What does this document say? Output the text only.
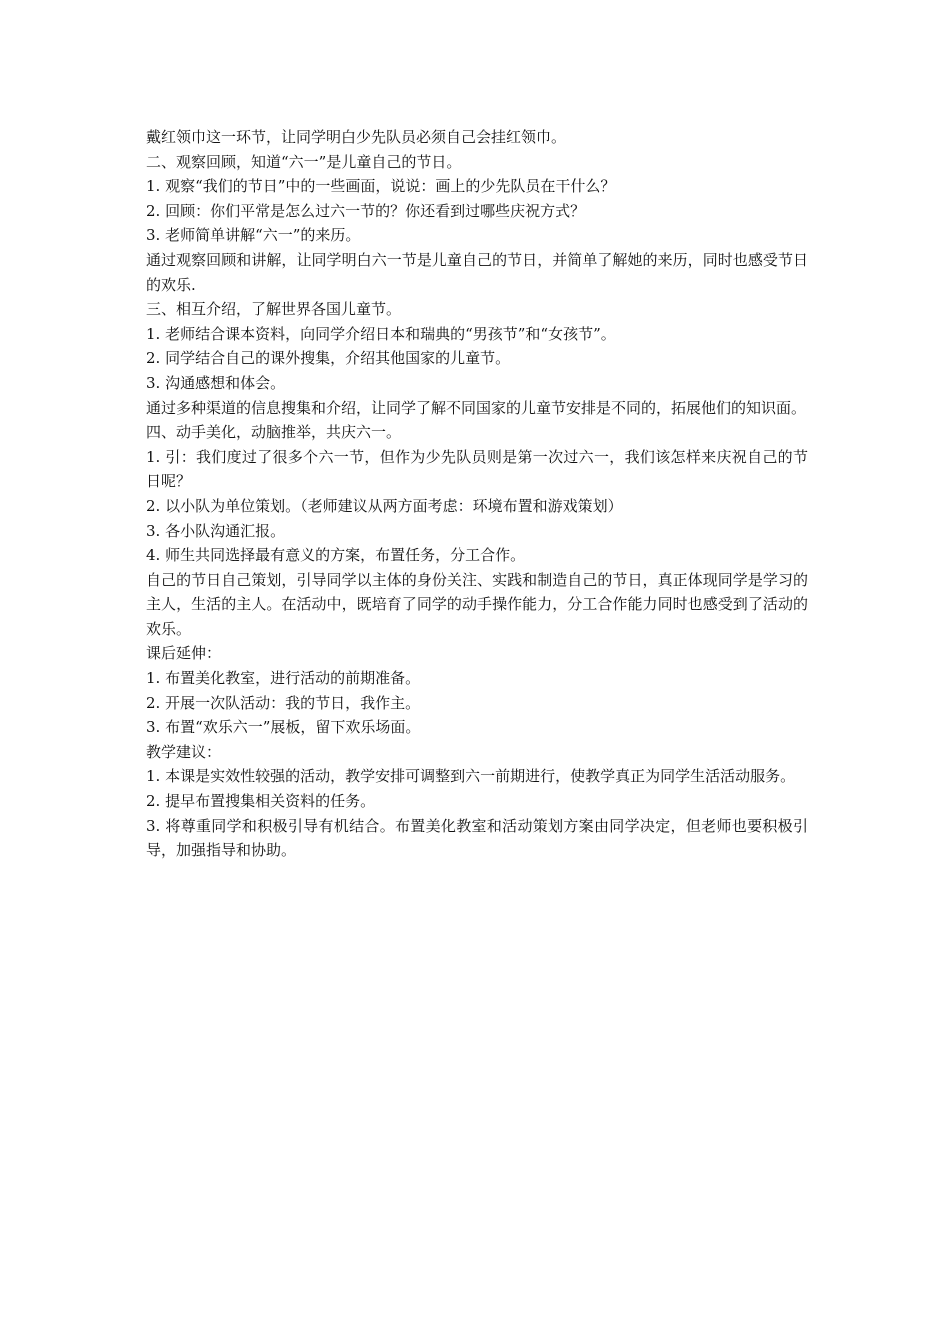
戴红领巾这一环节，让同学明白少先队员必须自己会挂红领巾。

二、观察回顾，知道“六一”是儿童自己的节日。

1. 观察“我们的节日”中的一些画面，说说：画上的少先队员在干什么？

2. 回顾：你们平常是怎么过六一节的？你还看到过哪些庆祝方式？

3. 老师简单讲解“六一”的来历。

通过观察回顾和讲解，让同学明白六一节是儿童自己的节日，并简单了解她的来历，同时也感受节日的欢乐.

三、相互介绍，了解世界各国儿童节。

1. 老师结合课本资料，向同学介绍日本和瑞典的“男孩节”和“女孩节”。

2. 同学结合自己的课外搜集，介绍其他国家的儿童节。

3. 沟通感想和体会。

通过多种渠道的信息搜集和介绍，让同学了解不同国家的儿童节安排是不同的，拓展他们的知识面。

四、动手美化，动脑推举，共庆六一。

1. 引：我们度过了很多个六一节，但作为少先队员则是第一次过六一，我们该怎样来庆祝自己的节日呢？

2. 以小队为单位策划。（老师建议从两方面考虑：环境布置和游戏策划）

3. 各小队沟通汇报。

4. 师生共同选择最有意义的方案，布置任务，分工合作。

自己的节日自己策划，引导同学以主体的身份关注、实践和制造自己的节日，真正体现同学是学习的主人，生活的主人。在活动中，既培育了同学的动手操作能力，分工合作能力同时也感受到了活动的欢乐。

课后延伸：

1. 布置美化教室，进行活动的前期准备。

2. 开展一次队活动：我的节日，我作主。

3. 布置“欢乐六一”展板，留下欢乐场面。

教学建议：

1. 本课是实效性较强的活动，教学安排可调整到六一前期进行，使教学真正为同学生活活动服务。

2. 提早布置搜集相关资料的任务。

3. 将尊重同学和积极引导有机结合。布置美化教室和活动策划方案由同学决定，但老师也要积极引导，加强指导和协助。
